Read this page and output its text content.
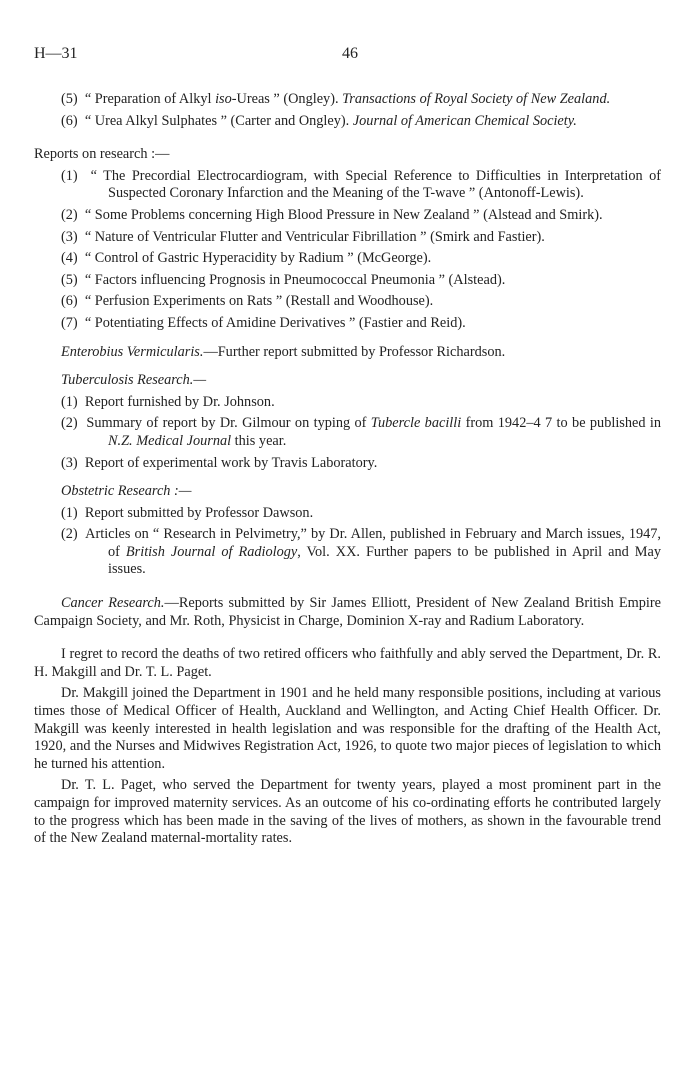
H—31	46

(5) “ Preparation of Alkyl iso-Ureas ” (Ongley). Transactions of Royal Society of New Zealand.

(6) “ Urea Alkyl Sulphates ” (Carter and Ongley). Journal of American Chemical Society.

Reports on research :—

(1) “ The Precordial Electrocardiogram, with Special Reference to Difficulties in Interpretation of Suspected Coronary Infarction and the Meaning of the T-wave ” (Antonoff-Lewis).

(2) “ Some Problems concerning High Blood Pressure in New Zealand ” (Alstead and Smirk).

(3) “ Nature of Ventricular Flutter and Ventricular Fibrillation ” (Smirk and Fastier).

(4) “ Control of Gastric Hyperacidity by Radium ” (McGeorge).

(5) “ Factors influencing Prognosis in Pneumococcal Pneumonia ” (Alstead).

(6) “ Perfusion Experiments on Rats ” (Restall and Woodhouse).

(7) “ Potentiating Effects of Amidine Derivatives ” (Fastier and Reid).

Enterobius Vermicularis.—Further report submitted by Professor Richardson.

Tuberculosis Research.—

(1) Report furnished by Dr. Johnson.

(2) Summary of report by Dr. Gilmour on typing of Tubercle bacilli from 1942–4 7 to be published in N.Z. Medical Journal this year.

(3) Report of experimental work by Travis Laboratory.

Obstetric Research :—

(1) Report submitted by Professor Dawson.

(2) Articles on “ Research in Pelvimetry,” by Dr. Allen, published in February and March issues, 1947, of British Journal of Radiology, Vol. XX. Further papers to be published in April and May issues.

Cancer Research.—Reports submitted by Sir James Elliott, President of New Zealand British Empire Campaign Society, and Mr. Roth, Physicist in Charge, Dominion X-ray and Radium Laboratory.

I regret to record the deaths of two retired officers who faithfully and ably served the Department, Dr. R. H. Makgill and Dr. T. L. Paget.

Dr. Makgill joined the Department in 1901 and he held many responsible positions, including at various times those of Medical Officer of Health, Auckland and Wellington, and Acting Chief Health Officer. Dr. Makgill was keenly interested in health legislation and was responsible for the drafting of the Health Act, 1920, and the Nurses and Midwives Registration Act, 1926, to quote two major pieces of legislation to which he turned his attention.

Dr. T. L. Paget, who served the Department for twenty years, played a most prominent part in the campaign for improved maternity services. As an outcome of his co-ordinating efforts he contributed largely to the progress which has been made in the saving of the lives of mothers, as shown in the favourable trend of the New Zealand maternal-mortality rates.
